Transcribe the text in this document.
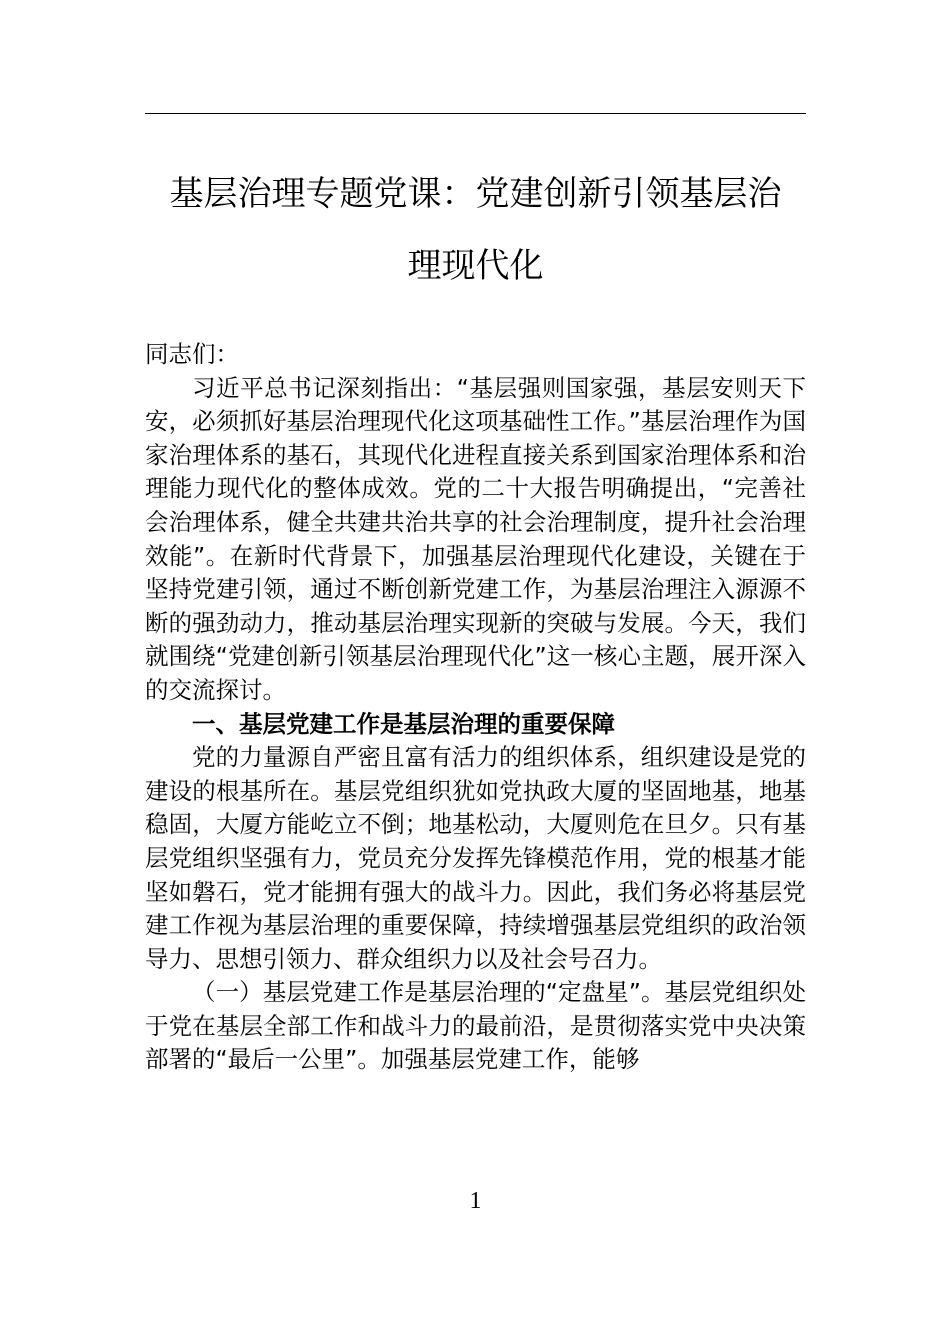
基层治理专题党课：党建创新引领基层治
理现代化

同志们：

习近平总书记深刻指出：“基层强则国家强，基层安则天下安，必须抓好基层治理现代化这项基础性工作。”基层治理作为国家治理体系的基石，其现代化进程直接关系到国家治理体系和治理能力现代化的整体成效。党的二十大报告明确提出，“完善社会治理体系，健全共建共治共享的社会治理制度，提升社会治理效能”。在新时代背景下，加强基层治理现代化建设，关键在于坚持党建引领，通过不断创新党建工作，为基层治理注入源源不断的强劲动力，推动基层治理实现新的突破与发展。今天，我们就围绕“党建创新引领基层治理现代化”这一核心主题，展开深入的交流探讨。

一、基层党建工作是基层治理的重要保障

党的力量源自严密且富有活力的组织体系，组织建设是党的建设的根基所在。基层党组织犹如党执政大厦的坚固地基，地基稳固，大厦方能屹立不倒；地基松动，大厦则危在旦夕。只有基层党组织坚强有力，党员充分发挥先锋模范作用，党的根基才能坚如磐石，党才能拥有强大的战斗力。因此，我们务必将基层党建工作视为基层治理的重要保障，持续增强基层党组织的政治领导力、思想引领力、群众组织力以及社会号召力。

（一）基层党建工作是基层治理的“定盘星”。基层党组织处于党在基层全部工作和战斗力的最前沿，是贯彻落实党中央决策部署的“最后一公里”。加强基层党建工作，能够

1
